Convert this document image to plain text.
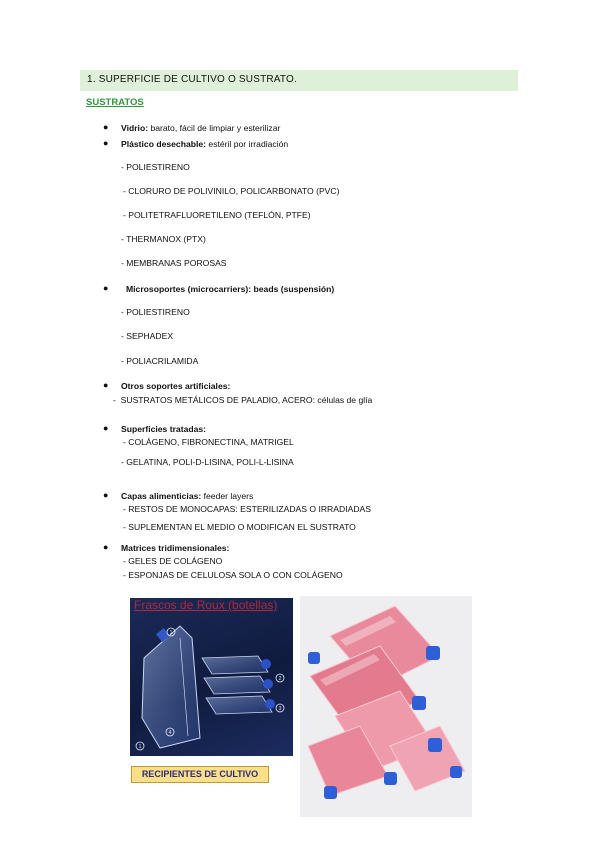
1. SUPERFICIE DE CULTIVO O SUSTRATO.
SUSTRATOS
● Vidrio: barato, fácil de limpiar y esterilizar
● Plástico desechable: estéril por irradiación
- POLIESTIRENO
- CLORURO DE POLIVINILO, POLICARBONATO (PVC)
- POLITETRAFLUORETILENO (TEFLÓN, PTFE)
- THERMANOX (PTX)
- MEMBRANAS POROSAS
● Microsoportes (microcarriers): beads (suspensión)
- POLIESTIRENO
- SEPHADEX
- POLIACRILAMIDA
● Otros soportes artificiales:
-  SUSTRATOS METÁLICOS DE PALADIO, ACERO: células de glía
● Superficies tratadas:
- COLÁGENO, FIBRONECTINA, MATRIGEL
- GELATINA, POLI-D-LISINA, POLI-L-LISINA
● Capas alimenticias: feeder layers
- RESTOS DE MONOCAPAS: ESTERILIZADAS O IRRADIADAS
- SUPLEMENTAN EL MEDIO O MODIFICAN EL SUSTRATO
● Matrices tridimensionales:
- GELES DE COLÁGENO
- ESPONJAS DE CELULOSA SOLA O CON COLÁGENO
1
2
3
4
1
Frascos de Roux (botellas)
RECIPIENTES DE CULTIVO
